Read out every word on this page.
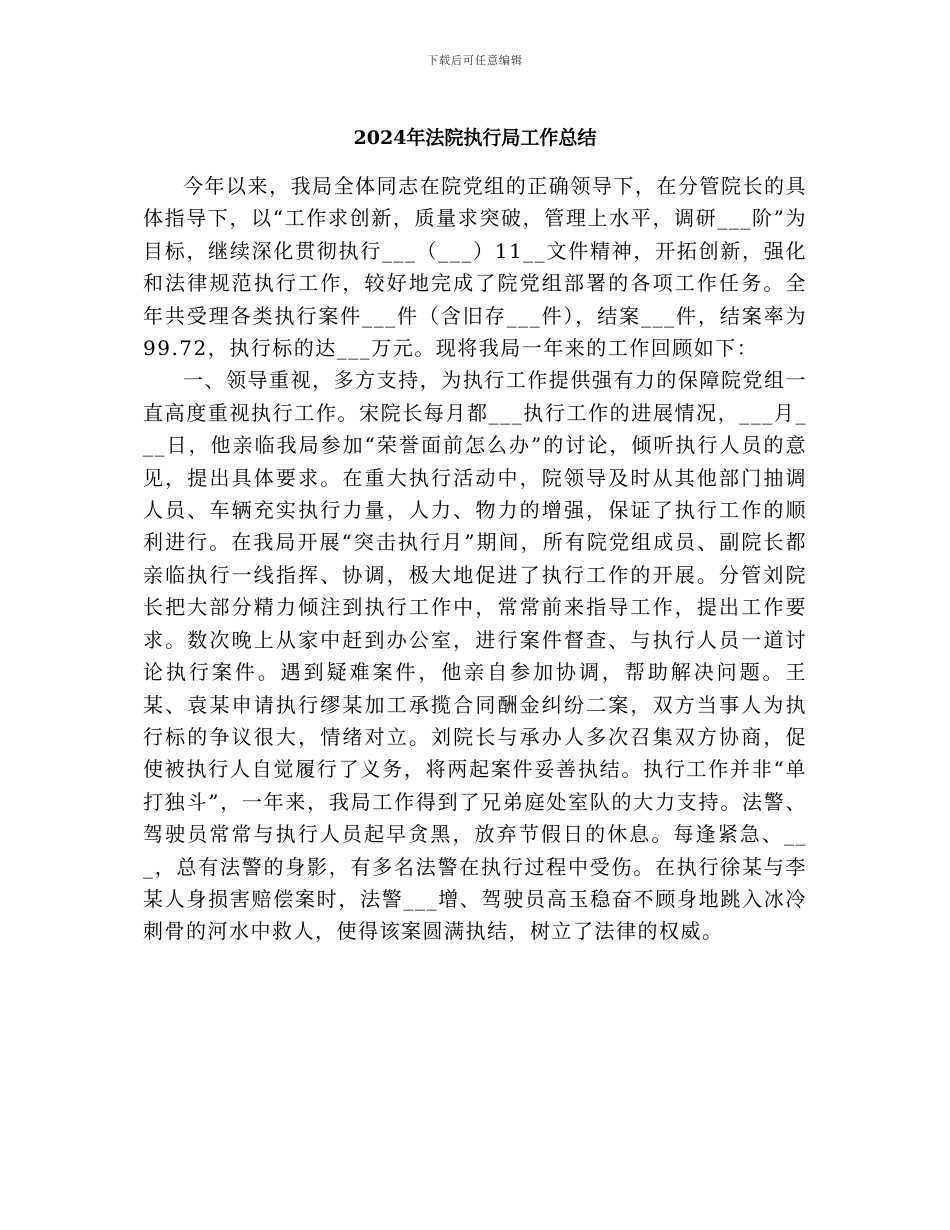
下载后可任意编辑
2024年法院执行局工作总结

今年以来，我局全体同志在院党组的正确领导下，在分管院长的具体指导下，以“工作求创新，质量求突破，管理上水平，调研___阶”为目标，继续深化贯彻执行___（___）11__文件精神，开拓创新，强化和法律规范执行工作，较好地完成了院党组部署的各项工作任务。全年共受理各类执行案件___件（含旧存___件），结案___件，结案率为99.72，执行标的达___万元。现将我局一年来的工作回顾如下：

一、领导重视，多方支持，为执行工作提供强有力的保障院党组一直高度重视执行工作。宋院长每月都___执行工作的进展情况，___月___日，他亲临我局参加“荣誉面前怎么办”的讨论，倾听执行人员的意见，提出具体要求。在重大执行活动中，院领导及时从其他部门抽调人员、车辆充实执行力量，人力、物力的增强，保证了执行工作的顺利进行。在我局开展“突击执行月”期间，所有院党组成员、副院长都亲临执行一线指挥、协调，极大地促进了执行工作的开展。分管刘院长把大部分精力倾注到执行工作中，常常前来指导工作，提出工作要求。数次晚上从家中赶到办公室，进行案件督查、与执行人员一道讨论执行案件。遇到疑难案件，他亲自参加协调，帮助解决问题。王某、袁某申请执行缪某加工承揽合同酬金纠纷二案，双方当事人为执行标的争议很大，情绪对立。刘院长与承办人多次召集双方协商，促使被执行人自觉履行了义务，将两起案件妥善执结。执行工作并非“单打独斗”，一年来，我局工作得到了兄弟庭处室队的大力支持。法警、驾驶员常常与执行人员起早贪黑，放弃节假日的休息。每逢紧急、___，总有法警的身影，有多名法警在执行过程中受伤。在执行徐某与李某人身损害赔偿案时，法警___增、驾驶员高玉稳奋不顾身地跳入冰冷刺骨的河水中救人，使得该案圆满执结，树立了法律的权威。
